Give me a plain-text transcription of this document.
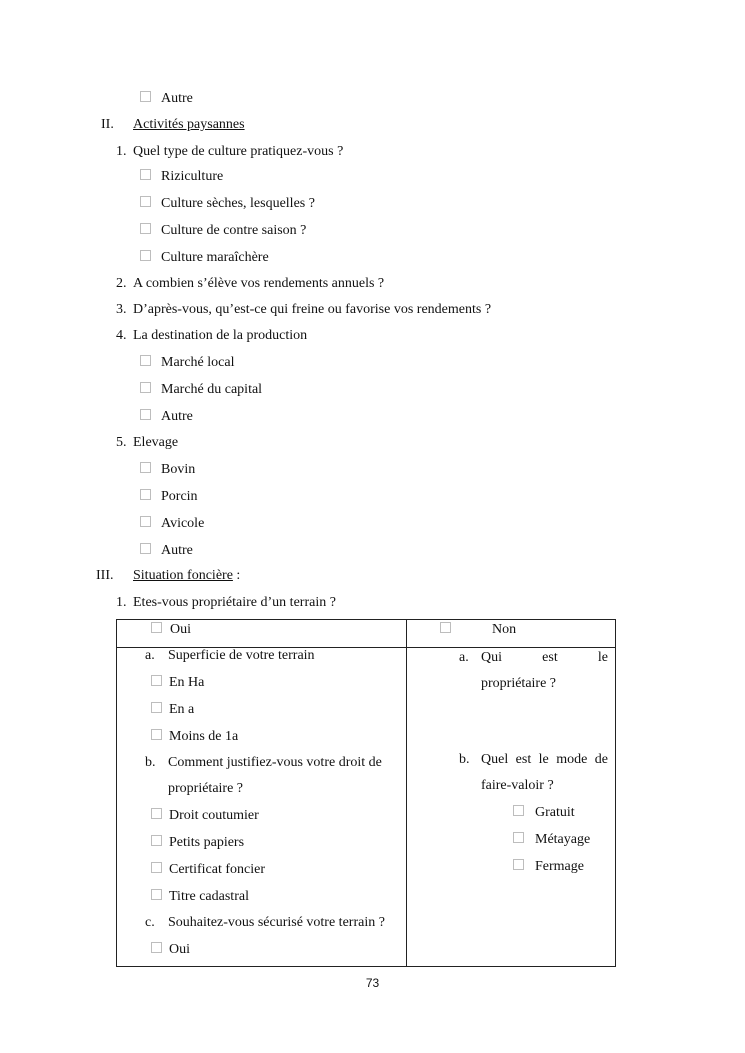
Autre
II. Activités paysannes
1. Quel type de culture pratiquez-vous ?
Riziculture
Culture sèches, lesquelles ?
Culture de contre saison ?
Culture maraîchère
2. A combien s’élève vos rendements annuels ?
3. D’après-vous, qu’est-ce qui freine ou favorise vos rendements ?
4. La destination de la production
Marché local
Marché du capital
Autre
5. Elevage
Bovin
Porcin
Avicole
Autre
III. Situation foncière :
1. Etes-vous propriétaire d’un terrain ?

Oui	Non
a. Superficie de votre terrain
En Ha
En a
Moins de 1a
b. Comment justifiez-vous votre droit de
propriétaire ?
Droit coutumier
Petits papiers
Certificat foncier
Titre cadastral
c. Souhaitez-vous sécurisé votre terrain ?
Oui
a. Qui	est	le
propriétaire ?
b. Quel est le mode de
faire-valoir ?
Gratuit
Métayage
Fermage
73
